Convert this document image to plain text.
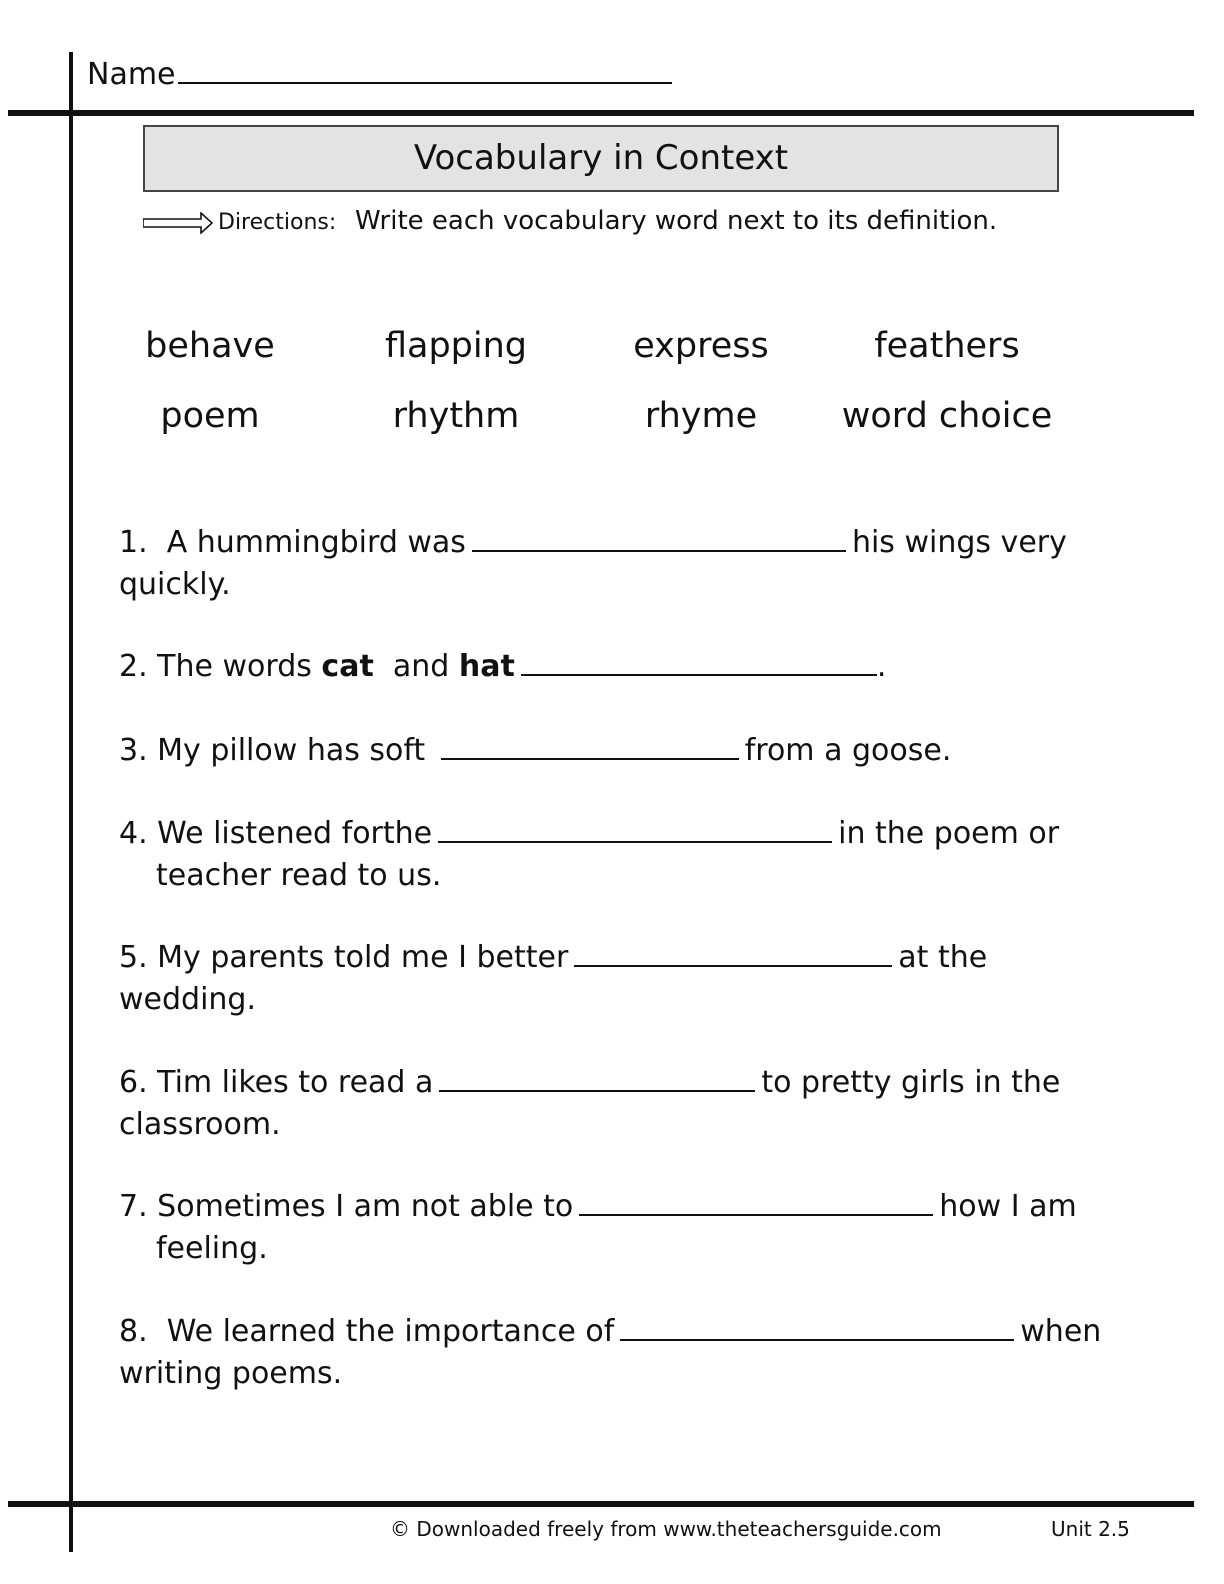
Name
Vocabulary in Context
Directions: Write each vocabulary word next to its definition.
behave	flapping	express	feathers
poem	rhythm	rhyme	word choice
1. A hummingbird was	his wings very
quickly.
2. The words cat and hat	.
3. My pillow has soft	from a goose.
4. We listened forthe	in the poem or
teacher read to us.
5. My parents told me I better	at the
wedding.
6. Tim likes to read a	to pretty girls in the
classroom.
7. Sometimes I am not able to	how I am
feeling.
8. We learned the importance of	when
writing poems.
© Downloaded freely from www.theteachersguide.com	Unit 2.5
